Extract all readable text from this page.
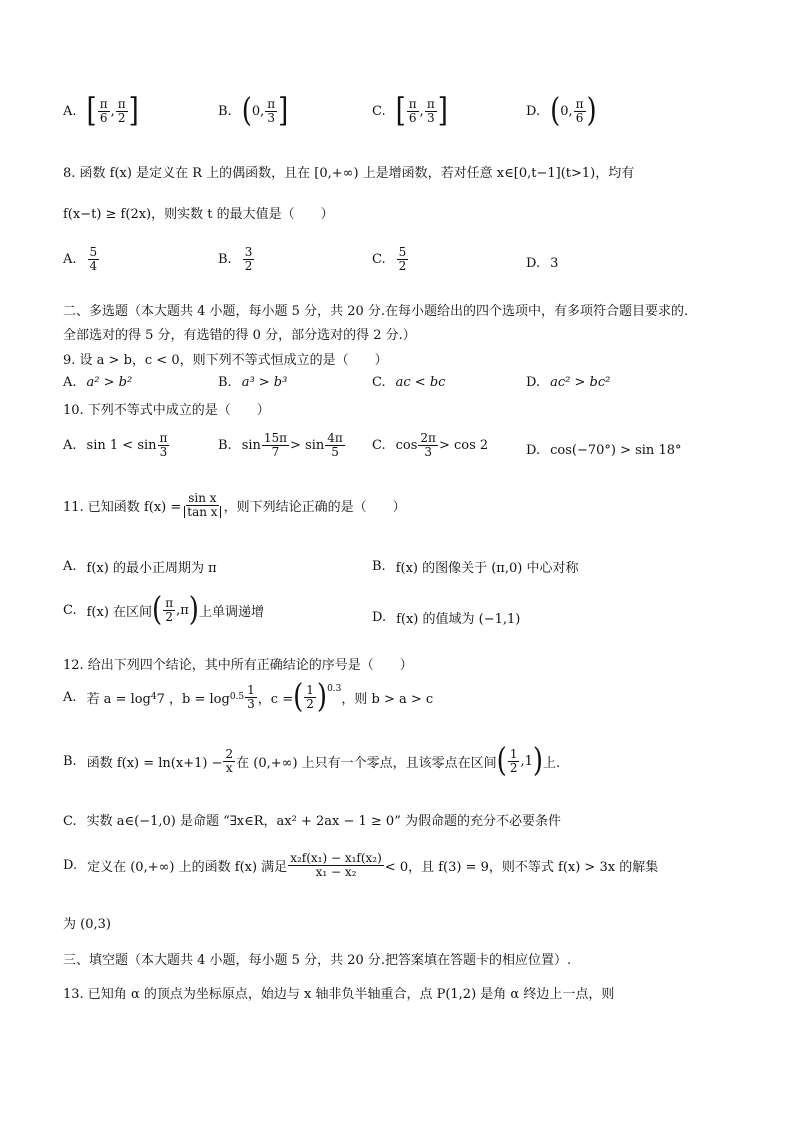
A. [ $\frac{\pi}{6}$ , $\frac{\pi}{2}$ ]	B. ( 0, $\frac{\pi}{3}$ ]	C. [ $\frac{\pi}{6}$ , $\frac{\pi}{3}$ ]	D. ( 0, $\frac{\pi}{6}$ )
8. 函数 f(x) 是定义在 R 上的偶函数，且在 [0,+∞) 上是增函数，若对任意 x∈[0,t−1](t>1)，均有
f(x−t) ≥ f(2x)，则实数 t 的最大值是（　　）
A. $\frac{5}{4}$	B. $\frac{3}{2}$	C. $\frac{5}{2}$	D. 3
二、多选题（本大题共 4 小题，每小题 5 分，共 20 分.在每小题给出的四个选项中，有多项符合题目要求的.
全部选对的得 5 分，有选错的得 0 分，部分选对的得 2 分.）
9. 设 a > b，c < 0，则下列不等式恒成立的是（　　）
A. a² > b²	B. a³ > b³	C. ac < bc	D. ac² > bc²
10. 下列不等式中成立的是（　　）
A. sin 1 <
$\sin \frac{\pi}{3}$	B. $\sin \frac{15\pi}{7}$ >
$\sin \frac{4\pi}{5} C$. $\cos \frac{2\pi}{3} > \cos 2$	D. cos(−70°) > sin 18°
11. 已知函数 $f(x) = \frac{\text{sin x}}{\text{tan x}}$ ，则下列结论正确的是（　　）
A. f(x) 的最小正周期为 π	B. f(x) 的图像关于 (π,0) 中心对称
C. f(x) 在区间 ( $\frac{\pi}{2} ,\pi$ ) 上单调递增	D. f(x) 的值域为 (−1,1)
12. 给出下列四个结论，其中所有正确结论的序号是（　　）
A. 若 a = log 4 7 ，$b = \log 0.5 \frac{1}{3}$ ，c = ( $\frac{1}{2} )^{0.3}$
，则 b > a > c
B. 函数 $f(x) = \ln(x+1) - \frac{2}{x}$ 在 (0,+∞) 上只有一个零点，且该零点在区间 ( $\frac{1}{2} ,1$ ) 上.
C. 实数 a∈(−1,0) 是命题 “∃x∈R，ax² + 2ax − 1 ≥ 0” 为假命题的充分不必要条件
D. 定义在 (0,+∞) 上的函数 f(x) 满足 $\frac{\text{x₂f(x₁) − x₁f(x₂)}}{\text{x₁ − x₂}} < 0$，且 f(3) = 9，则不等式 f(x) > 3x 的解集
为 (0,3)
三、填空题（本大题共 4 小题，每小题 5 分，共 20 分.把答案填在答题卡的相应位置）.
13. 已知角 α 的顶点为坐标原点，始边与 x 轴非负半轴重合，点 P(1,2) 是角 α 终边上一点，则
